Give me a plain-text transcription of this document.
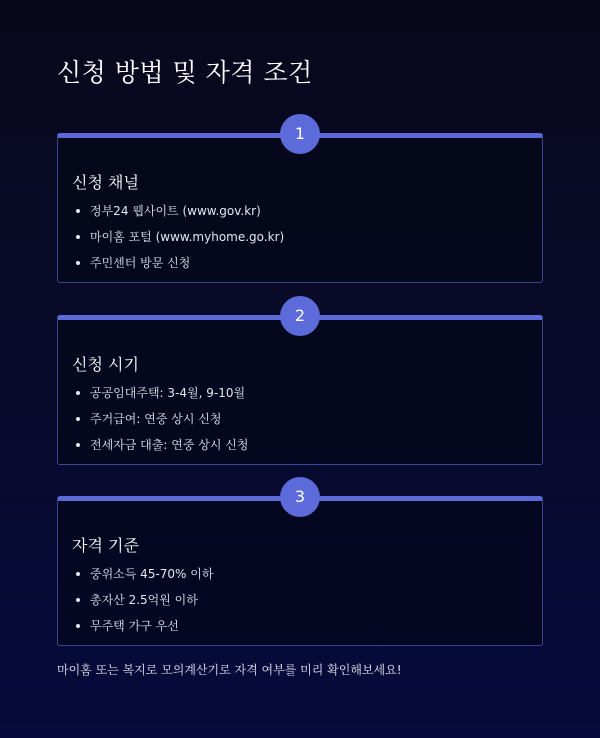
신청 방법 및 자격 조건
1
신청 채널
정부24 웹사이트 (www.gov.kr)
마이홈 포털 (www.myhome.go.kr)
주민센터 방문 신청
2
신청 시기
공공임대주택: 3-4월, 9-10월
주거급여: 연중 상시 신청
전세자금 대출: 연중 상시 신청
3
자격 기준
중위소득 45-70% 이하
총자산 2.5억원 이하
무주택 가구 우선

마이홈 또는 복지로 모의계산기로 자격 여부를 미리 확인해보세요!
